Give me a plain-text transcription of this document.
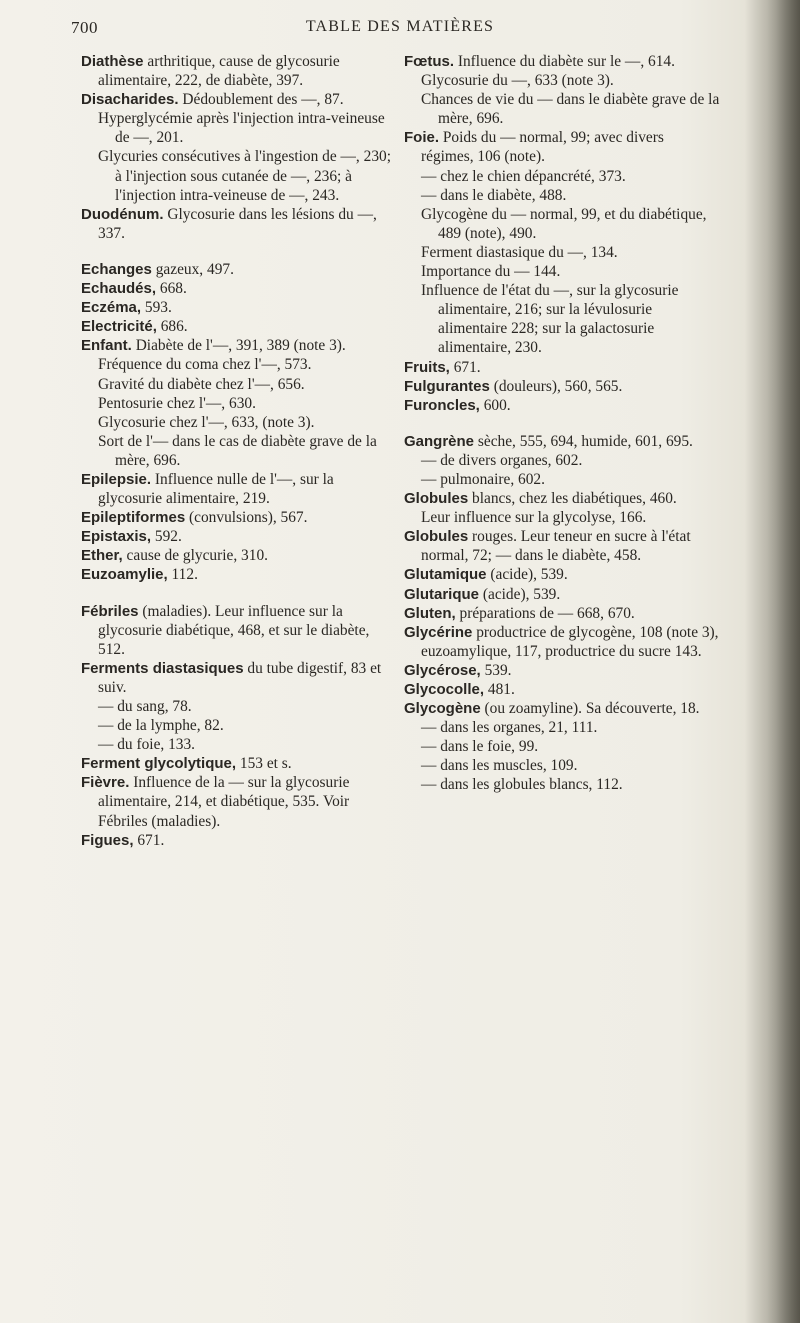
700	TABLE DES MATIÈRES
Diathèse arthritique, cause de glycosurie alimentaire, 222, de diabète, 397.
Disacharides. Dédoublement des —, 87.
Hyperglycémie après l'injection intra-veineuse de —, 201.
Glycuries consécutives à l'ingestion de —, 230; à l'injection sous cutanée de —, 236; à l'injection intra-veineuse de —, 243.
Duodénum. Glycosurie dans les lésions du —, 337.
Echanges gazeux, 497.
Echaudés, 668.
Eczéma, 593.
Electricité, 686.
Enfant. Diabète de l'—, 391, 389 (note 3).
Fréquence du coma chez l'—, 573.
Gravité du diabète chez l'—, 656.
Pentosurie chez l'—, 630.
Glycosurie chez l'—, 633, (note 3).
Sort de l'— dans le cas de diabète grave de la mère, 696.
Epilepsie. Influence nulle de l'—, sur la glycosurie alimentaire, 219.
Epileptiformes (convulsions), 567.
Epistaxis, 592.
Ether, cause de glycurie, 310.
Euzoamylie, 112.
Fébriles (maladies). Leur influence sur la glycosurie diabétique, 468, et sur le diabète, 512.
Ferments diastasiques du tube digestif, 83 et suiv.
— du sang, 78.
— de la lymphe, 82.
— du foie, 133.
Ferment glycolytique, 153 et s.
Fièvre. Influence de la — sur la glycosurie alimentaire, 214, et diabétique, 535. Voir Fébriles (maladies).
Figues, 671.
Fœtus. Influence du diabète sur le —, 614.
Glycosurie du —, 633 (note 3).
Chances de vie du — dans le diabète grave de la mère, 696.
Foie. Poids du — normal, 99; avec divers régimes, 106 (note).
— chez le chien dépancrété, 373.
— dans le diabète, 488.
Glycogène du — normal, 99, et du diabétique, 489 (note), 490.
Ferment diastasique du —, 134.
Importance du — 144.
Influence de l'état du —, sur la glycosurie alimentaire, 216; sur la lévulosurie alimentaire 228; sur la galactosurie alimentaire, 230.
Fruits, 671.
Fulgurantes (douleurs), 560, 565.
Furoncles, 600.
Gangrène sèche, 555, 694, humide, 601, 695.
— de divers organes, 602.
— pulmonaire, 602.
Globules blancs, chez les diabétiques, 460.
Leur influence sur la glycolyse, 166.
Globules rouges. Leur teneur en sucre à l'état normal, 72; — dans le diabète, 458.
Glutamique (acide), 539.
Glutarique (acide), 539.
Gluten, préparations de — 668, 670.
Glycérine productrice de glycogène, 108 (note 3), euzoamylique, 117, productrice du sucre 143.
Glycérose, 539.
Glycocolle, 481.
Glycogène (ou zoamyline). Sa découverte, 18.
— dans les organes, 21, 111.
— dans le foie, 99.
— dans les muscles, 109.
— dans les globules blancs, 112.
